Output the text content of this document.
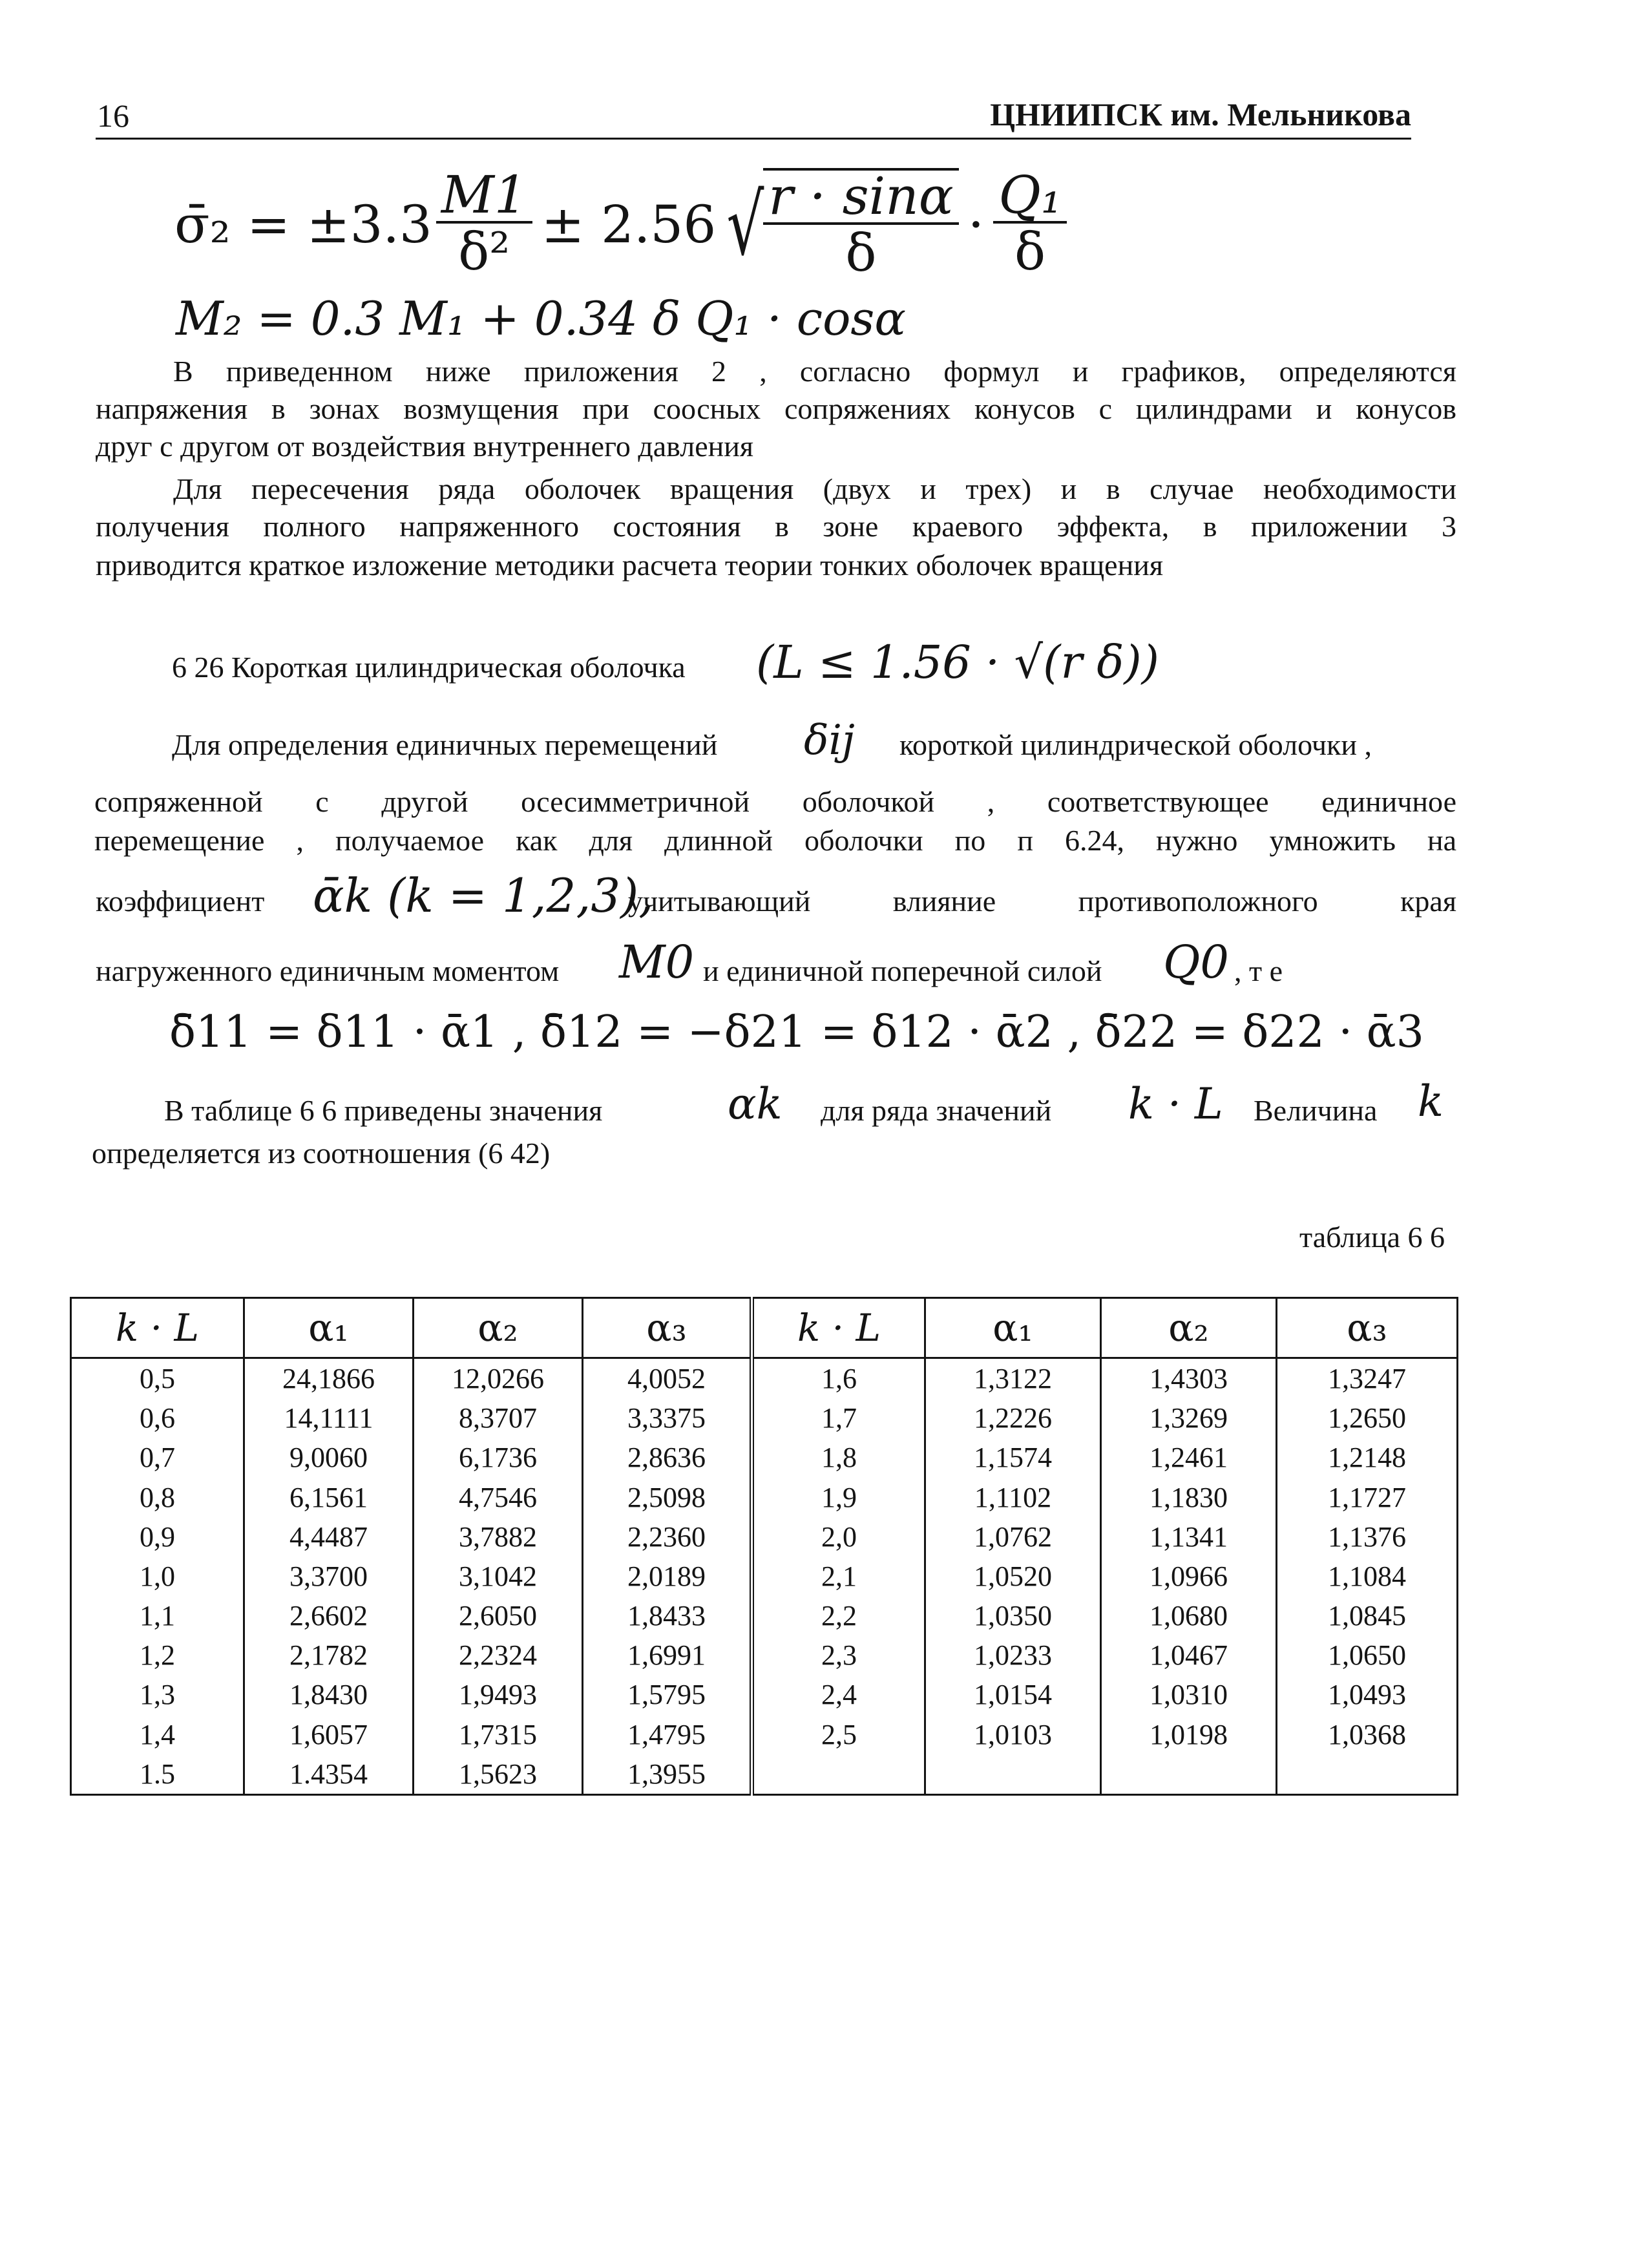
16	ЦНИИПСК им. Мельникова
σ̄₂ = $\pm 3.3 \frac{M1}{\text{δ²}} \pm 2.56$ √
$\frac{r \cdot \sin\alpha}{\delta} \cdot \frac{\text{Q₁}}{\delta}$
M₂ = 0.3 M₁ + 0.34 δ Q₁ · cosα
В приведенном ниже приложения 2 , согласно формул и графиков, определяются
напряжения в зонах возмущения при соосных сопряжениях конусов с цилиндрами и конусов
друг с другом от воздействия внутреннего давления
Для пересечения ряда оболочек вращения (двух и трех) и в случае необходимости
получения полного напряженного состояния в зоне краевого эффекта, в приложении 3
приводится краткое изложение методики расчета теории тонких оболочек вращения
6 26 Короткая цилиндрическая оболочка (L ≤ 1.56 · √(r δ))
Для определения единичных перемещений δij короткой цилиндрической оболочки ,
сопряженной с другой осесимметричной оболочкой , соответствующее единичное
перемещение , получаемое как для длинной оболочки по п 6.24, нужно умножить на
коэффициент ᾱk (k = 1,2,3),
учитывающий влияние противоположного края
нагруженного единичным моментом M0 и единичной поперечной силой Q0 , т е
δ̄11 = δ11 · ᾱ1 , δ̄12 = −δ21 = δ12 · ᾱ2 , δ̄22 = δ22 · ᾱ3
В таблице 6 6 приведены значения	αk для ряда значений k · L Величина k
определяется из соотношения (6 42)
таблица 6 6
k · L	α₁	α₂	α₃	k · L	α₁	α₂	α₃
0,5	24,1866	12,0266	4,0052	1,6	1,3122	1,4303	1,3247
0,6	14,1111	8,3707	3,3375	1,7	1,2226	1,3269	1,2650
0,7	9,0060	6,1736	2,8636	1,8	1,1574	1,2461	1,2148
0,8	6,1561	4,7546	2,5098	1,9	1,1102	1,1830	1,1727
0,9	4,4487	3,7882	2,2360	2,0	1,0762	1,1341	1,1376
1,0	3,3700	3,1042	2,0189	2,1	1,0520	1,0966	1,1084
1,1	2,6602	2,6050	1,8433	2,2	1,0350	1,0680	1,0845
1,2	2,1782	2,2324	1,6991	2,3	1,0233	1,0467	1,0650
1,3	1,8430	1,9493	1,5795	2,4	1,0154	1,0310	1,0493
1,4	1,6057	1,7315	1,4795	2,5	1,0103	1,0198	1,0368
1.5	1.4354	1,5623	1,3955				
